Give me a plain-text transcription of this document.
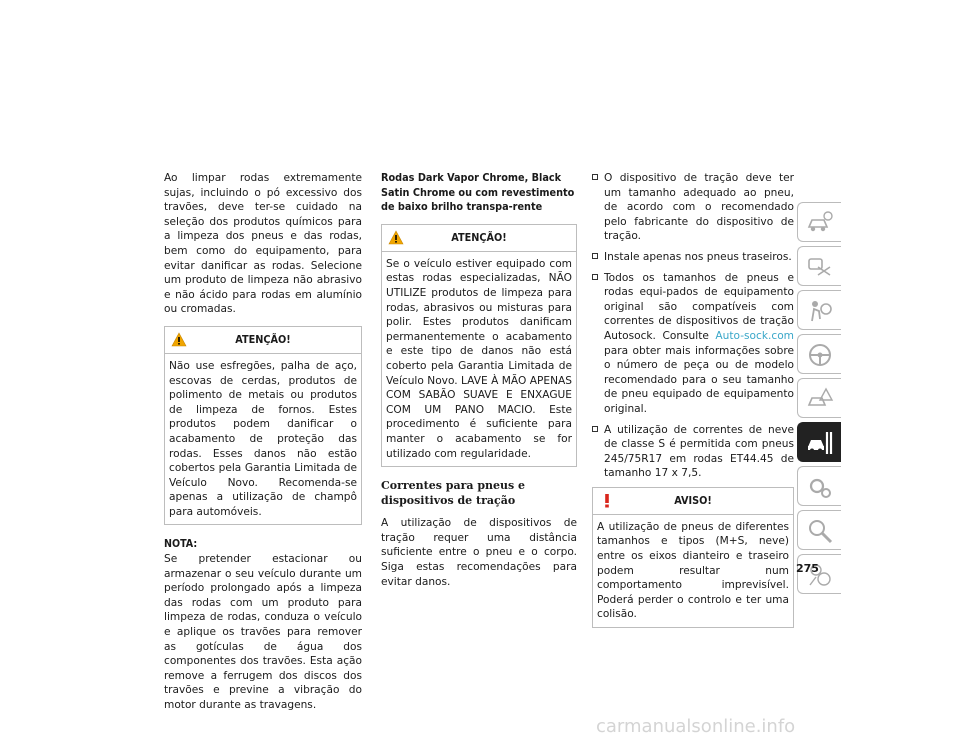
Ao limpar rodas extremamente sujas, incluindo o pó excessivo dos travões, deve ter-se cuidado na seleção dos produtos químicos para a limpeza dos pneus e das rodas, bem como do equipamento, para evitar danificar as rodas. Selecione um produto de limpeza não abrasivo e não ácido para rodas em alumínio ou cromadas.

ATENÇÃO!

Não use esfregões, palha de aço, escovas de cerdas, produtos de polimento de metais ou produtos de limpeza de fornos. Estes produtos podem danificar o acabamento de proteção das rodas. Esses danos não estão cobertos pela Garantia Limitada de Veículo Novo. Recomenda-se apenas a utilização de champô para automóveis.

NOTA:

Se pretender estacionar ou armazenar o seu veículo durante um período prolongado após a limpeza das rodas com um produto para limpeza de rodas, conduza o veículo e aplique os travões para remover as gotículas de água dos componentes dos travões. Esta ação remove a ferrugem dos discos dos travões e previne a vibração do motor durante as travagens.

Rodas Dark Vapor Chrome, Black Satin Chrome ou com revestimento de baixo brilho transpa-rente
ATENÇÃO!

Se o veículo estiver equipado com estas rodas especializadas, NÃO UTILIZE produtos de limpeza para rodas, abrasivos ou misturas para polir. Estes produtos danificam permanentemente o acabamento e este tipo de danos não está coberto pela Garantia Limitada de Veículo Novo. LAVE À MÃO APENAS COM SABÃO SUAVE E ENXAGUE COM UM PANO MACIO. Este procedimento é suficiente para manter o acabamento se for utilizado com regularidade.

Correntes para pneus e dispositivos de tração

A utilização de dispositivos de tração requer uma distância suficiente entre o pneu e o corpo. Siga estas recomendações para evitar danos.

O dispositivo de tração deve ter um tamanho adequado ao pneu, de acordo com o recomendado pelo fabricante do dispositivo de tração.
Instale apenas nos pneus traseiros.
Todos os tamanhos de pneus e rodas equi-pados de equipamento original são compatíveis com correntes de dispositivos de tração Autosock. Consulte Auto-sock.com para obter mais informações sobre o número de peça ou de modelo recomendado para o seu tamanho de pneu equipado de equipamento original.
A utilização de correntes de neve de classe S é permitida com pneus 245/75R17 em rodas ET44.45 de tamanho 17 x 7,5.
AVISO!

A utilização de pneus de diferentes tamanhos e tipos (M+S, neve) entre os eixos dianteiro e traseiro podem resultar num comportamento imprevisível. Poderá perder o controlo e ter uma colisão.

275
carmanualsonline.info
